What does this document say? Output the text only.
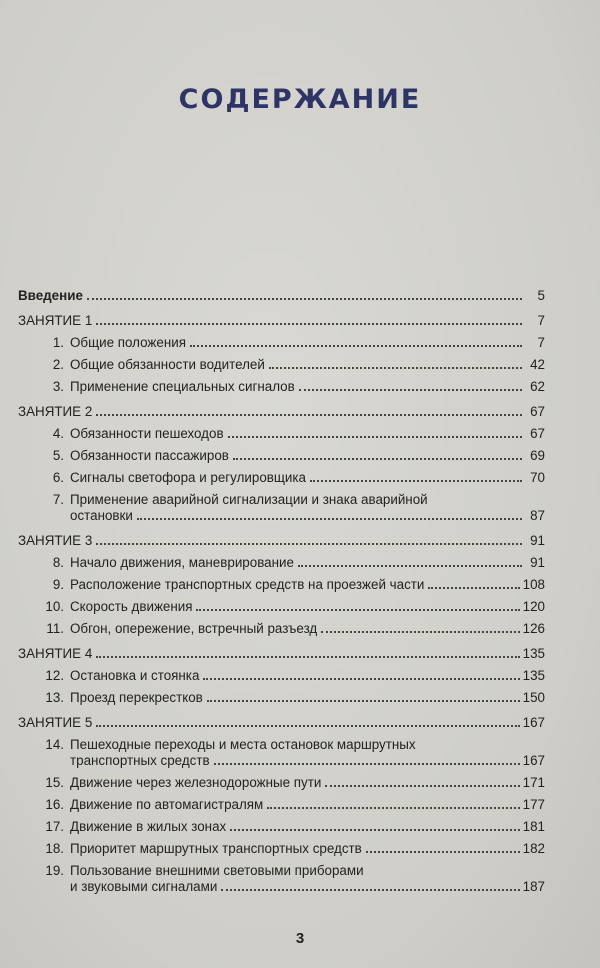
СОДЕРЖАНИЕ
Введение	5
ЗАНЯТИЕ 1	7
1. Общие положения	7
2. Общие обязанности водителей	42
3. Применение специальных сигналов	62
ЗАНЯТИЕ 2	67
4. Обязанности пешеходов	67
5. Обязанности пассажиров	69
6. Сигналы светофора и регулировщика	70
7. Применение аварийной сигнализации и знака аварийной
остановки	87
ЗАНЯТИЕ 3	91
8. Начало движения, маневрирование	91
9. Расположение транспортных средств на проезжей части	108
10. Скорость движения	120
11. Обгон, опережение, встречный разъезд	126
ЗАНЯТИЕ 4	135
12. Остановка и стоянка	135
13. Проезд перекрестков	150
ЗАНЯТИЕ 5	167
14. Пешеходные переходы и места остановок маршрутных
транспортных средств	167
15. Движение через железнодорожные пути	171
16. Движение по автомагистралям	177
17. Движение в жилых зонах	181
18. Приоритет маршрутных транспортных средств	182
19. Пользование внешними световыми приборами
и звуковыми сигналами	187
3
